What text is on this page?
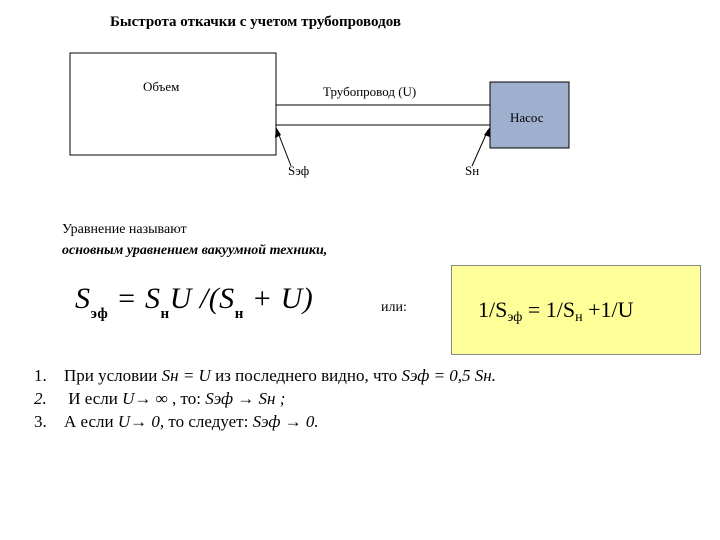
Быстрота откачки с учетом трубопроводов
Объем	Трубопровод (U)
Насос
Sэф	Sн
Уравнение называют
основным уравнением вакуумной техники,
$S_{эф} = S_нU$ $/(S_н + U)$	или:	$1/S_{эф} = 1/S_н +1/U$
1. При условии Sн = U из последнего видно, что Sэф = 0,5 Sн.
2. И если U→ ∞ , то: Sэф → Sн ;
3. А если U→ 0, то следует: Sэф → 0.
